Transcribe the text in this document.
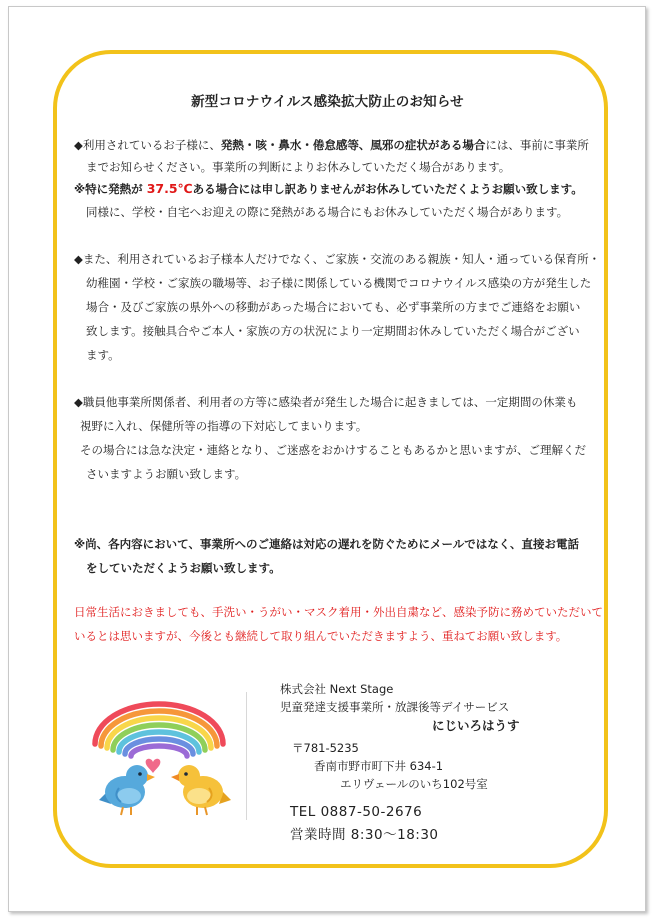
新型コロナウイルス感染拡大防止のお知らせ
◆利用されているお子様に、発熱・咳・鼻水・倦怠感等、風邪の症状がある場合には、事前に事業所
までお知らせください。事業所の判断によりお休みしていただく場合があります。
※特に発熱が 37.5℃ある場合には申し訳ありませんがお休みしていただくようお願い致します。
同様に、学校・自宅へお迎えの際に発熱がある場合にもお休みしていただく場合があります。
◆また、利用されているお子様本人だけでなく、ご家族・交流のある親族・知人・通っている保育所・
幼稚園・学校・ご家族の職場等、お子様に関係している機関でコロナウイルス感染の方が発生した
場合・及びご家族の県外への移動があった場合においても、必ず事業所の方までご連絡をお願い
致します。接触具合やご本人・家族の方の状況により一定期間お休みしていただく場合がござい
ます。
◆職員他事業所関係者、利用者の方等に感染者が発生した場合に起きましては、一定期間の休業も
視野に入れ、保健所等の指導の下対応してまいります。
その場合には急な決定・連絡となり、ご迷惑をおかけすることもあるかと思いますが、ご理解くだ
さいますようお願い致します。
※尚、各内容において、事業所へのご連絡は対応の遅れを防ぐためにメールではなく、直接お電話
をしていただくようお願い致します。
日常生活におきましても、手洗い・うがい・マスク着用・外出自粛など、感染予防に務めていただいて
いるとは思いますが、今後とも継続して取り組んでいただきますよう、重ねてお願い致します。
株式会社 Next Stage
児童発達支援事業所・放課後等デイサービス
にじいろはうす
〒781-5235
香南市野市町下井 634-1
エリヴェールのいち102号室
TEL 0887-50-2676
営業時間 8:30～18:30
